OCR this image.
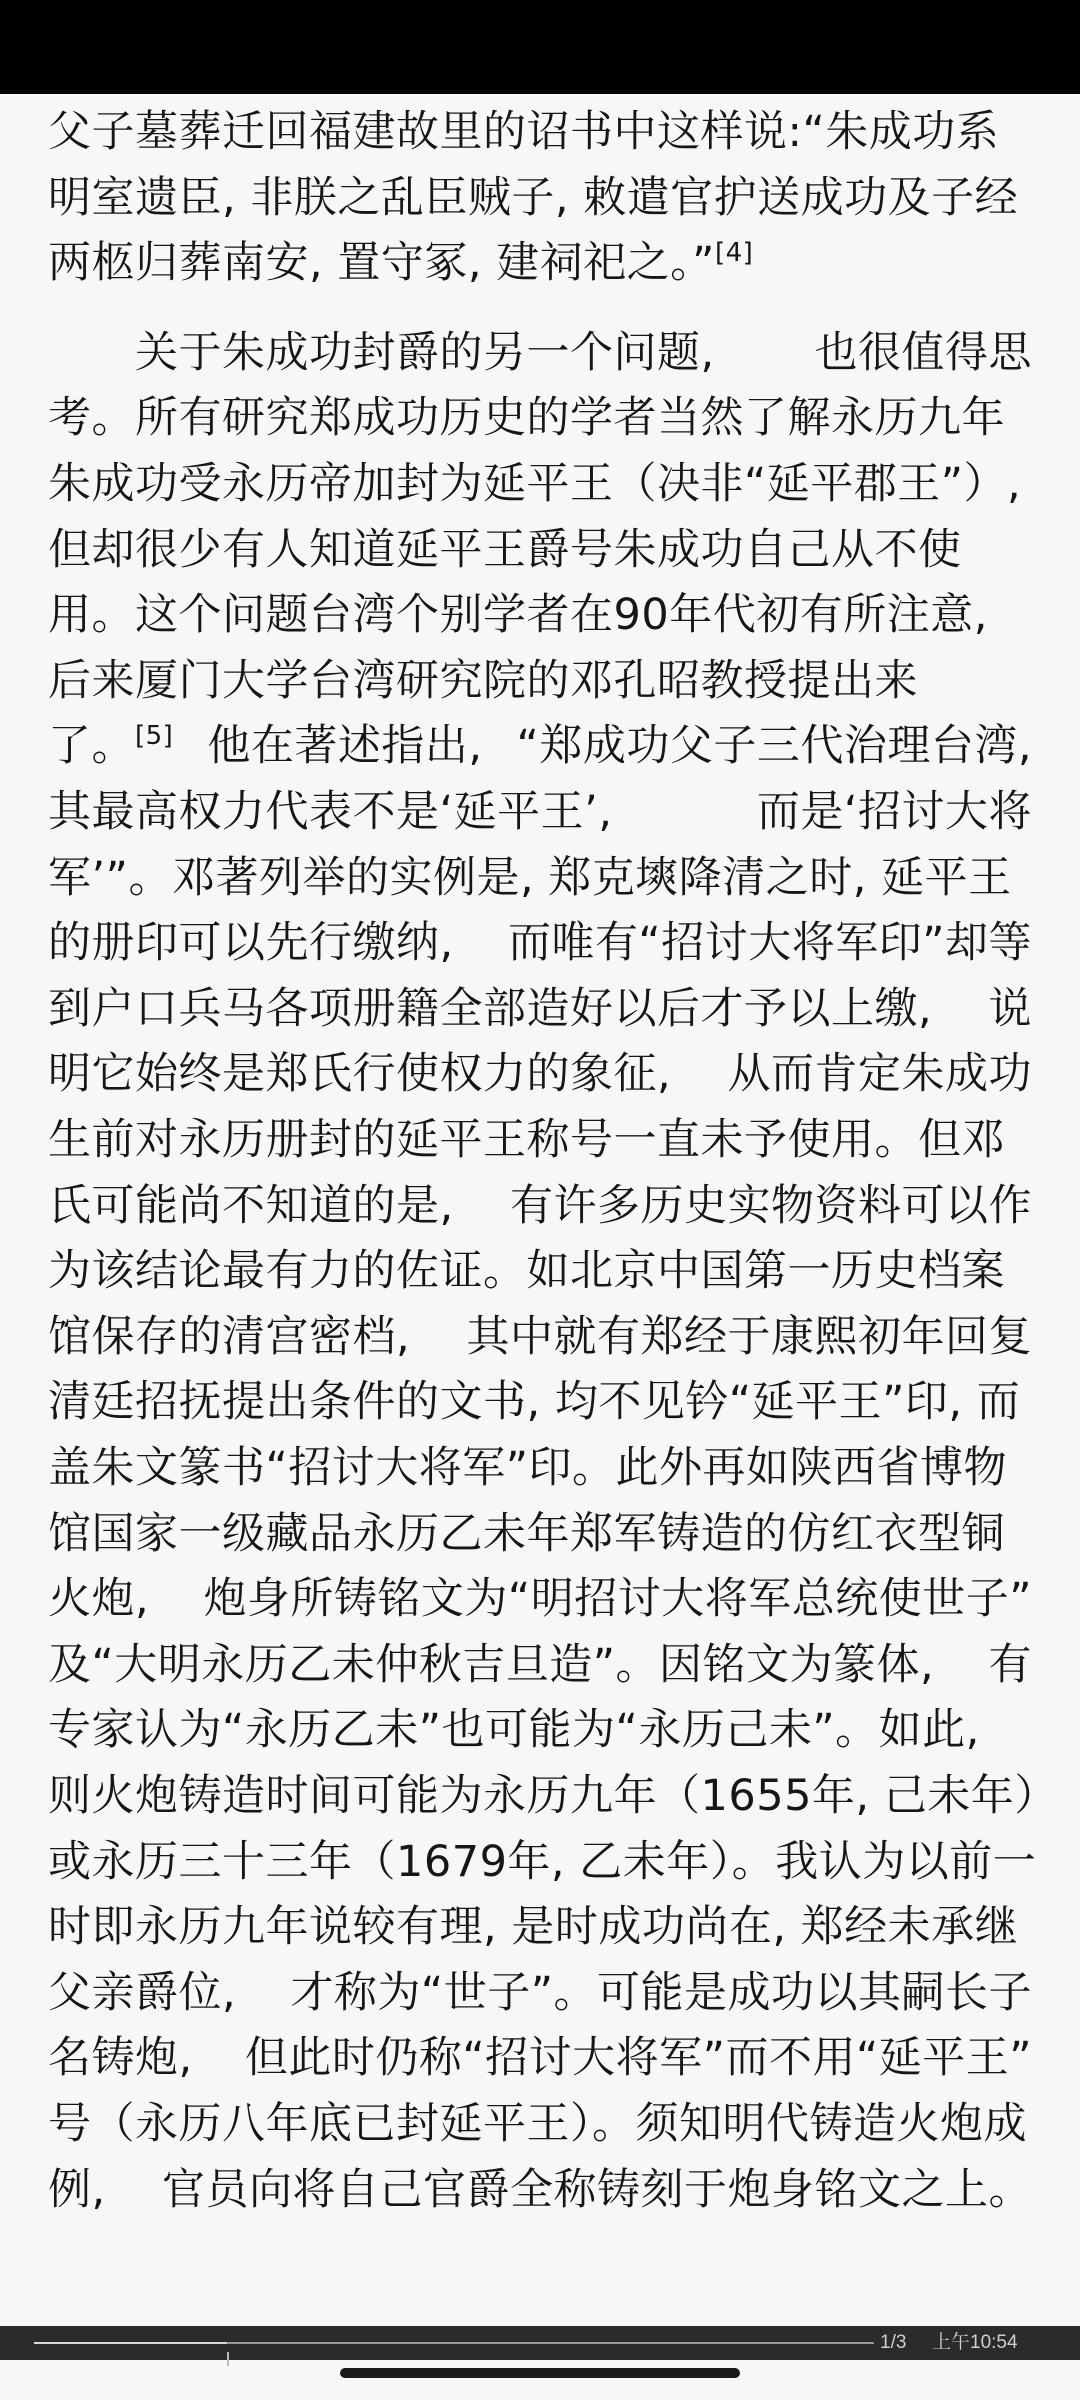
父子墓葬迁回福建故里的诏书中这样说:“朱成功系
明室遗臣, 非朕之乱臣贼子, 敕遣官护送成功及子经
两柩归葬南安, 置守冢, 建祠祀之。”[4]
　　关于朱成功封爵的另一个问题, 也很值得思
考。所有研究郑成功历史的学者当然了解永历九年
朱成功受永历帝加封为延平王（决非“延平郡王”）,
但却很少有人知道延平王爵号朱成功自己从不使
用。这个问题台湾个别学者在90年代初有所注意,
后来厦门大学台湾研究院的邓孔昭教授提出来
了。[5] 他在著述指出, “郑成功父子三代治理台湾,
其最高权力代表不是‘延平王’,	而是‘招讨大将
军’”。邓著列举的实例是, 郑克塽降清之时, 延平王
的册印可以先行缴纳, 而唯有“招讨大将军印”却等
到户口兵马各项册籍全部造好以后才予以上缴, 说
明它始终是郑氏行使权力的象征, 从而肯定朱成功
生前对永历册封的延平王称号一直未予使用。但邓
氏可能尚不知道的是, 有许多历史实物资料可以作
为该结论最有力的佐证。如北京中国第一历史档案
馆保存的清宫密档, 其中就有郑经于康熙初年回复
清廷招抚提出条件的文书, 均不见钤“延平王”印, 而
盖朱文篆书“招讨大将军”印。此外再如陕西省博物
馆国家一级藏品永历乙未年郑军铸造的仿红衣型铜
火炮, 炮身所铸铭文为“明招讨大将军总统使世子”
及“大明永历乙未仲秋吉旦造”。因铭文为篆体, 有
专家认为“永历乙未”也可能为“永历己未”。如此,
则火炮铸造时间可能为永历九年（1655年, 己未年）
或永历三十三年（1679年, 乙未年）。我认为以前一
时即永历九年说较有理, 是时成功尚在, 郑经未承继
父亲爵位, 才称为“世子”。可能是成功以其嗣长子
名铸炮, 但此时仍称“招讨大将军”而不用“延平王”
号（永历八年底已封延平王）。须知明代铸造火炮成
例, 官员向将自己官爵全称铸刻于炮身铭文之上。
1/3 上午10:54
